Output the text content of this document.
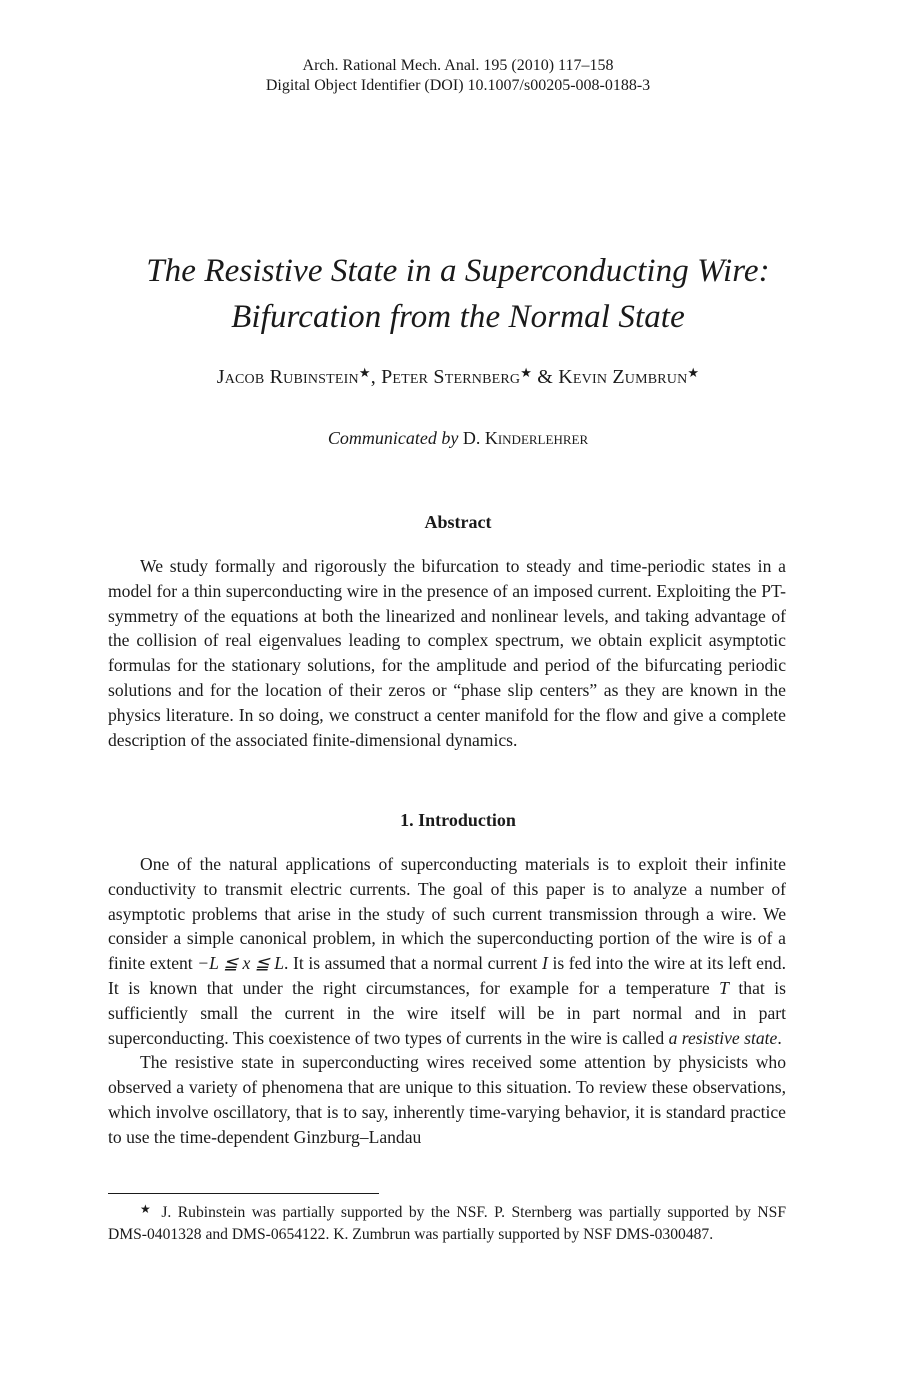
Arch. Rational Mech. Anal. 195 (2010) 117–158
Digital Object Identifier (DOI) 10.1007/s00205-008-0188-3
The Resistive State in a Superconducting Wire:
Bifurcation from the Normal State
Jacob Rubinstein★, Peter Sternberg★ & Kevin Zumbrun★
Communicated by D. Kinderlehrer
Abstract

We study formally and rigorously the bifurcation to steady and time-periodic states in a model for a thin superconducting wire in the presence of an imposed current. Exploiting the PT-symmetry of the equations at both the linearized and nonlinear levels, and taking advantage of the collision of real eigenvalues leading to complex spectrum, we obtain explicit asymptotic formulas for the stationary solutions, for the amplitude and period of the bifurcating periodic solutions and for the location of their zeros or “phase slip centers” as they are known in the physics literature. In so doing, we construct a center manifold for the flow and give a complete description of the associated finite-dimensional dynamics.

1. Introduction

One of the natural applications of superconducting materials is to exploit their infinite conductivity to transmit electric currents. The goal of this paper is to analyze a number of asymptotic problems that arise in the study of such current transmission through a wire. We consider a simple canonical problem, in which the superconducting portion of the wire is of a finite extent −L ≦ x ≦ L. It is assumed that a normal current I is fed into the wire at its left end. It is known that under the right circumstances, for example for a temperature T that is sufficiently small the current in the wire itself will be in part normal and in part superconducting. This coexistence of two types of currents in the wire is called a resistive state.

The resistive state in superconducting wires received some attention by physicists who observed a variety of phenomena that are unique to this situation. To review these observations, which involve oscillatory, that is to say, inherently time-varying behavior, it is standard practice to use the time-dependent Ginzburg–Landau

★ J. Rubinstein was partially supported by the NSF. P. Sternberg was partially supported by NSF DMS-0401328 and DMS-0654122. K. Zumbrun was partially supported by NSF DMS-0300487.
